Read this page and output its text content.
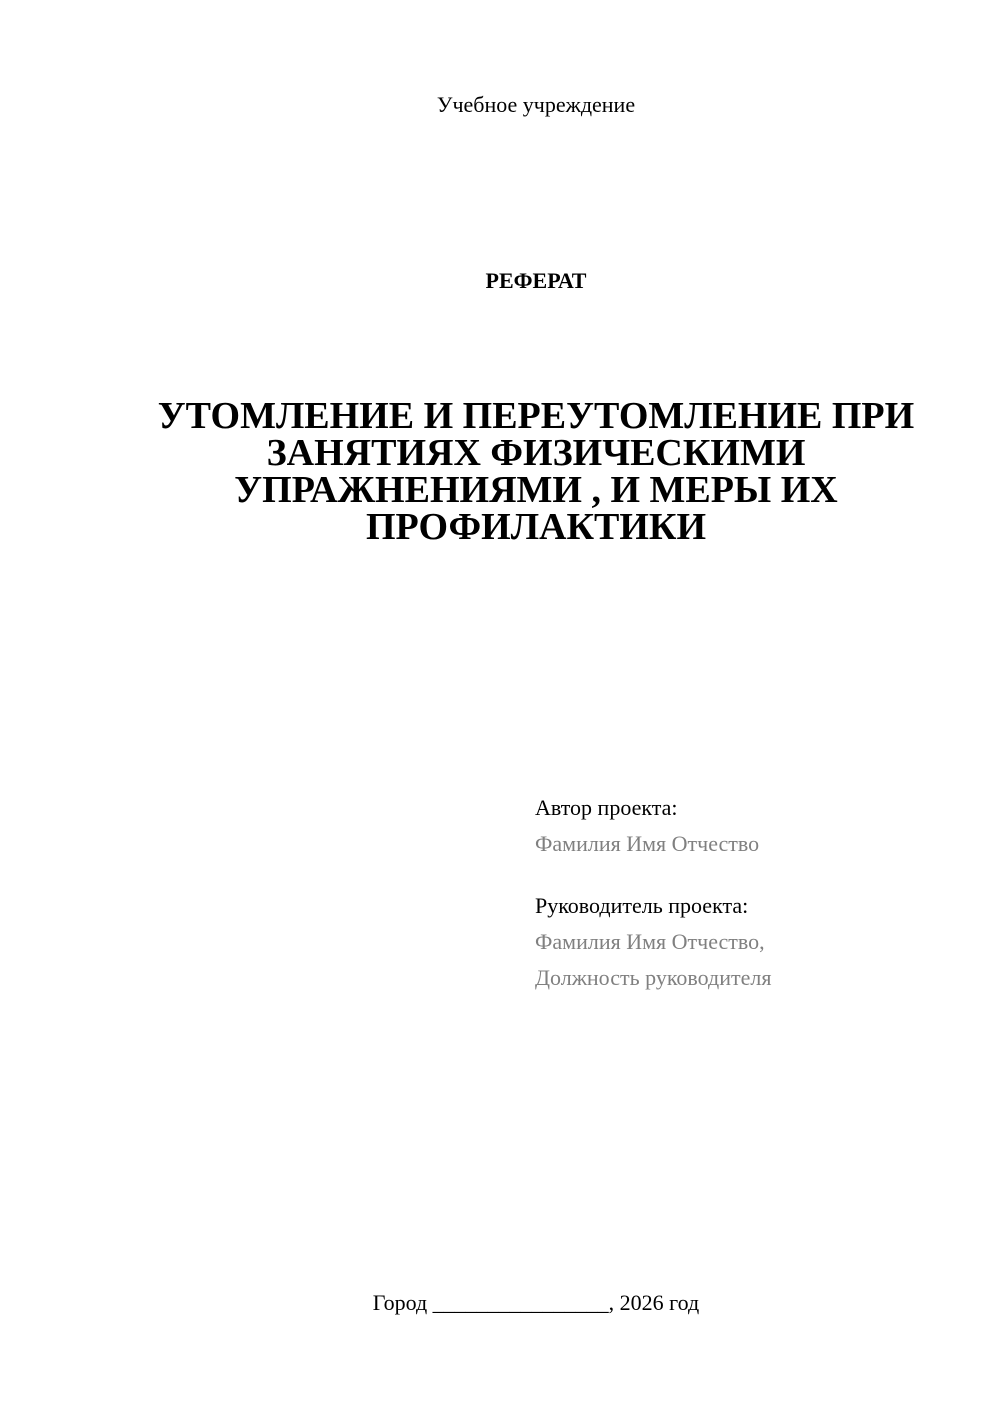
Учебное учреждение
РЕФЕРАТ
УТОМЛЕНИЕ И ПЕРЕУТОМЛЕНИЕ ПРИ
ЗАНЯТИЯХ ФИЗИЧЕСКИМИ
УПРАЖНЕНИЯМИ , И МЕРЫ ИХ
ПРОФИЛАКТИКИ
Автор проекта:
Фамилия Имя Отчество
Руководитель проекта:
Фамилия Имя Отчество,
Должность руководителя
Город ________________, 2026 год
